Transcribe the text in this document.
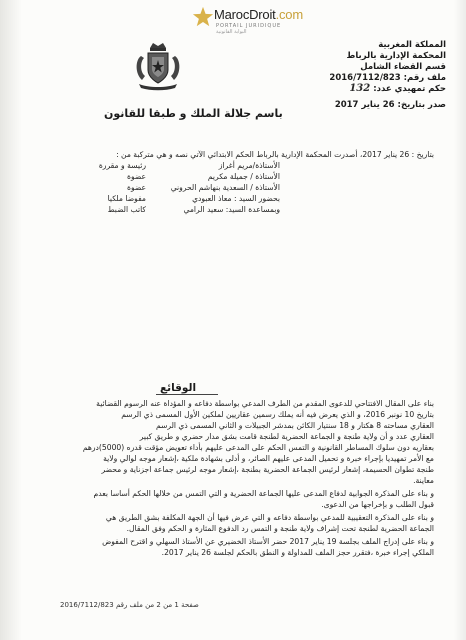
MarocDroit.com
PORTAIL JURIDIQUE
البوابة القانونية
المملكة المغربية
المحكمة الإدارية بالرباط
قسم القضاء الشامل
ملف رقم: 2016/7112/823
حكم تمهيدي عدد: 132
صدر بتاريخ: 26 يناير 2017
باسم جلالة الملك و طبقا للقانون
بتاريخ : 26 يناير 2017، أصدرت المحكمة الإدارية بالرباط الحكم الابتدائي الآتي نصه و هي متركبة من :
الأستاذة/مريم أغراز
رئيسة و مقررة
الأستاذة / جميلة مكريم
عضوة
الأستاذة / السعدية بنهاشم الحروني
عضوة
بحضور السيد : معاذ العبودي
مفوضا ملكيا
وبمساعدة السيد: سعيد الرامي
كاتب الضبط
الوقائع
بناء على المقال الافتتاحي للدعوى المقدم من الطرف المدعي بواسطة دفاعه و المؤداة عنه الرسوم القضائية
بتاريخ 10 نونبر 2016، و الذي يعرض فيه أنه يملك رسمين عقاريين لملكين الأول المسمى ذي الرسم
العقاري مساحته 8 هكتار و 18 سنتيار الكائن بمدشر الجبيلات و الثاني المسمى ذي الرسم
العقاري عدد و أن ولاية طنجة و الجماعة الحضرية لطنجة قامت بشق مدار حضري و طريق كبير
بعقاريه دون سلوك المساطر القانونية و التمس الحكم على المدعى عليهم بأداء تعويض مؤقت قدره (5000)درهم
مع الأمر تمهيديا بإجراء خبرة و تحميل المدعى عليهم الصائر، و أدلى بشهادة ملكية ،إشعار موجه لوالي ولاية
طنجة تطوان الحسيمة، إشعار لرئيس الجماعة الحضرية بطنجة ،إشعار موجه لرئيس جماعة اجزناية و محضر
معاينة.
و بناء على المذكرة الجوابية لدفاع المدعى عليها الجماعة الحضرية و التي التمس من خلالها الحكم أساسا بعدم
قبول الطلب و بإخراجها من الدعوى.
و بناء على المذكرة التعقيبية للمدعي بواسطة دفاعه و التي عرض فيها أن الجهة المكلفة بشق الطريق هي
الجماعة الحضرية لطنجة تحت إشراف ولاية طنجة و التمس رد الدفوع المثارة و الحكم وفق المقال.
و بناء على إدراج الملف بجلسة 19 يناير 2017 حضر الأستاذ الخضيري عن الأستاذ السهلي و اقترح المفوض
الملكي إجراء خبرة ،فتقرر حجز الملف للمداولة و النطق بالحكم لجلسة 26 يناير 2017.
صفحة 1 من 2 من ملف رقم 2016/7112/823
